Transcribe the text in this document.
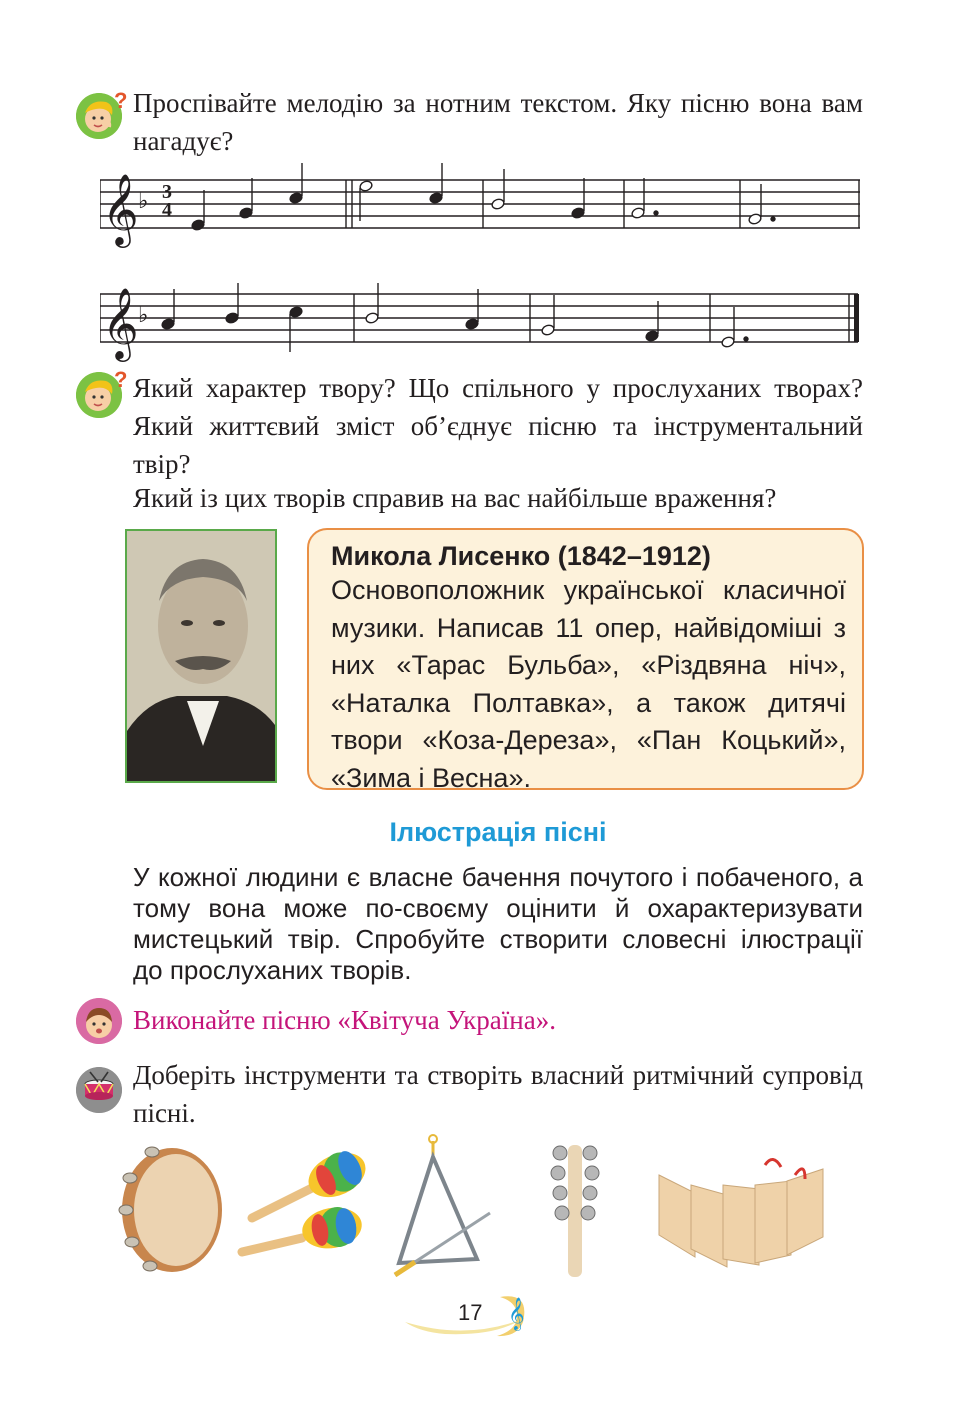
? Проспівайте мелодію за нотним текстом. Яку пісню вона вам нагадує?
𝄞 ♭ 3
4
𝄞 ♭
? Який характер твору? Що спільного у прослуханих творах? Який життєвий зміст об’єднує пісню та інструментальний твір?
Який із цих творів справив на вас найбільше враження?
Микола Лисенко (1842–1912)
Основоположник української класичної музики. Написав 11 опер, найвідоміші з них «Тарас Бульба», «Різдвяна ніч», «Наталка Полтавка», а також дитячі твори «Коза-Дереза», «Пан Коцький», «Зима і Весна».
Ілюстрація пісні
У кожної людини є власне бачення почутого і побаченого, а тому вона може по-своєму оцінити й охарактеризувати мистецький твір. Спробуйте створити словесні ілюстрації до прослуханих творів.
Виконайте пісню «Квітуча Україна».
Доберіть інструменти та створіть власний ритмічний супровід пісні.
17 𝄞
